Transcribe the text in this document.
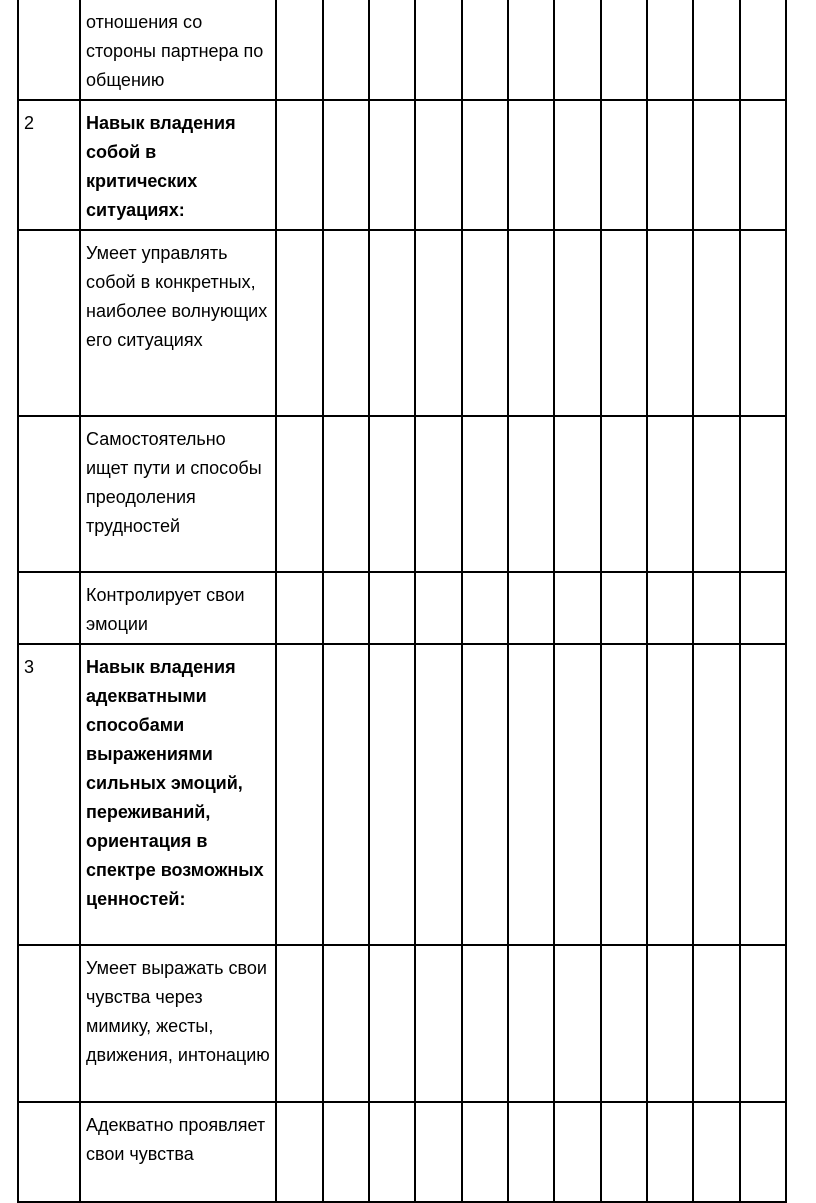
	отношения со стороны партнера по общению											
2	Навык владения собой в критических ситуациях:											
	Умеет управлять собой в конкретных, наиболее волнующих его ситуациях											
	Самостоятельно ищет пути и способы преодоления трудностей											
	Контролирует свои эмоции											
3	Навык владения адекватными способами выражениями сильных эмоций, переживаний, ориентация в спектре возможных ценностей:											
	Умеет выражать свои чувства через мимику, жесты, движения, интонацию											
	Адекватно проявляет свои чувства											
